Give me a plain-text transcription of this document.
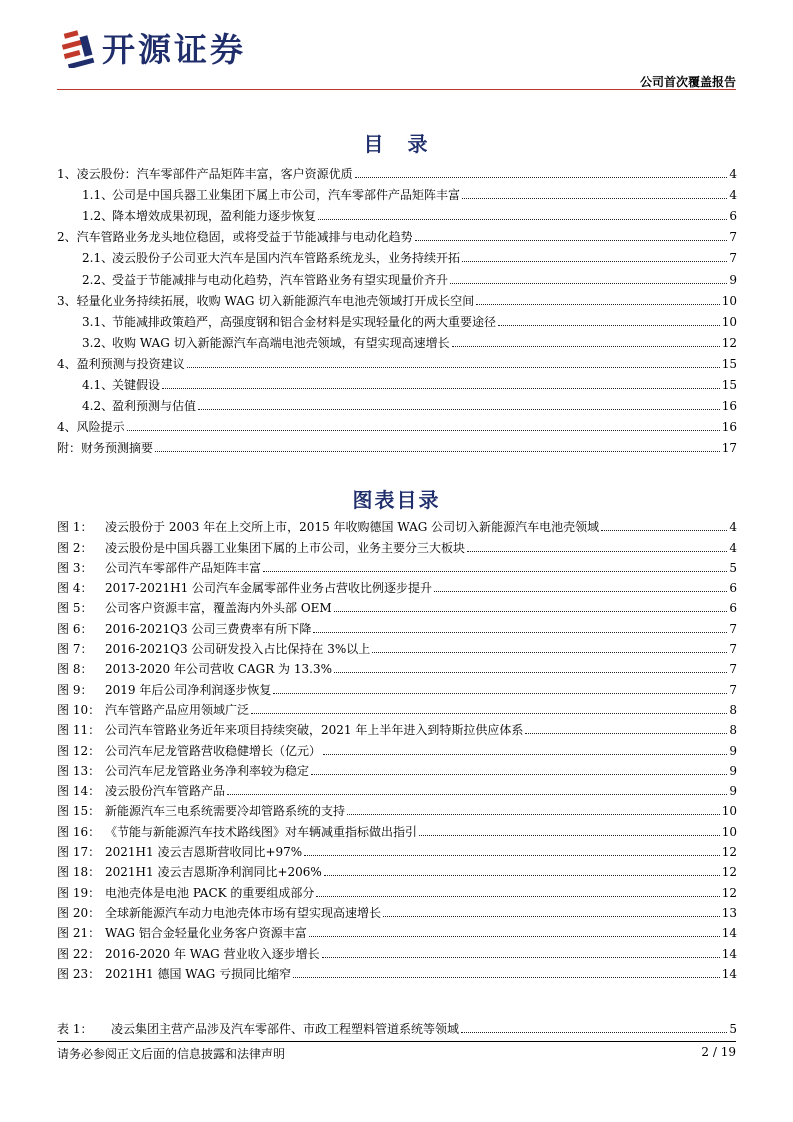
开源证券
公司首次覆盖报告
目　录
1、凌云股份：汽车零部件产品矩阵丰富，客户资源优质	4
1.1、公司是中国兵器工业集团下属上市公司，汽车零部件产品矩阵丰富	4
1.2、降本增效成果初现，盈利能力逐步恢复	6
2、汽车管路业务龙头地位稳固，或将受益于节能减排与电动化趋势	7
2.1、凌云股份子公司亚大汽车是国内汽车管路系统龙头，业务持续开拓	7
2.2、受益于节能减排与电动化趋势，汽车管路业务有望实现量价齐升	9
3、轻量化业务持续拓展，收购 WAG 切入新能源汽车电池壳领域打开成长空间	10
3.1、节能减排政策趋严，高强度钢和铝合金材料是实现轻量化的两大重要途径	10
3.2、收购 WAG 切入新能源汽车高端电池壳领域，有望实现高速增长	12
4、盈利预测与投资建议	15
4.1、关键假设	15
4.2、盈利预测与估值	16
4、风险提示	16
附：财务预测摘要	17
图表目录
图 1： 凌云股份于 2003 年在上交所上市，2015 年收购德国 WAG 公司切入新能源汽车电池壳领域	4
图 2： 凌云股份是中国兵器工业集团下属的上市公司，业务主要分三大板块	4
图 3： 公司汽车零部件产品矩阵丰富	5
图 4： 2017-2021H1 公司汽车金属零部件业务占营收比例逐步提升	6
图 5： 公司客户资源丰富，覆盖海内外头部 OEM	6
图 6： 2016-2021Q3 公司三费费率有所下降	7
图 7： 2016-2021Q3 公司研发投入占比保持在 3%以上	7
图 8： 2013-2020 年公司营收 CAGR 为 13.3%	7
图 9： 2019 年后公司净利润逐步恢复	7
图 10： 汽车管路产品应用领域广泛	8
图 11： 公司汽车管路业务近年来项目持续突破，2021 年上半年进入到特斯拉供应体系	8
图 12： 公司汽车尼龙管路营收稳健增长（亿元）	9
图 13： 公司汽车尼龙管路业务净利率较为稳定	9
图 14： 凌云股份汽车管路产品	9
图 15： 新能源汽车三电系统需要冷却管路系统的支持	10
图 16： 《节能与新能源汽车技术路线图》对车辆减重指标做出指引	10
图 17： 2021H1 凌云吉恩斯营收同比+97%	12
图 18： 2021H1 凌云吉恩斯净利润同比+206%	12
图 19： 电池壳体是电池 PACK 的重要组成部分	12
图 20： 全球新能源汽车动力电池壳体市场有望实现高速增长	13
图 21： WAG 铝合金轻量化业务客户资源丰富	14
图 22： 2016-2020 年 WAG 营业收入逐步增长	14
图 23： 2021H1 德国 WAG 亏损同比缩窄	14
表 1： 凌云集团主营产品涉及汽车零部件、市政工程塑料管道系统等领域	5
请务必参阅正文后面的信息披露和法律声明	2 / 19
